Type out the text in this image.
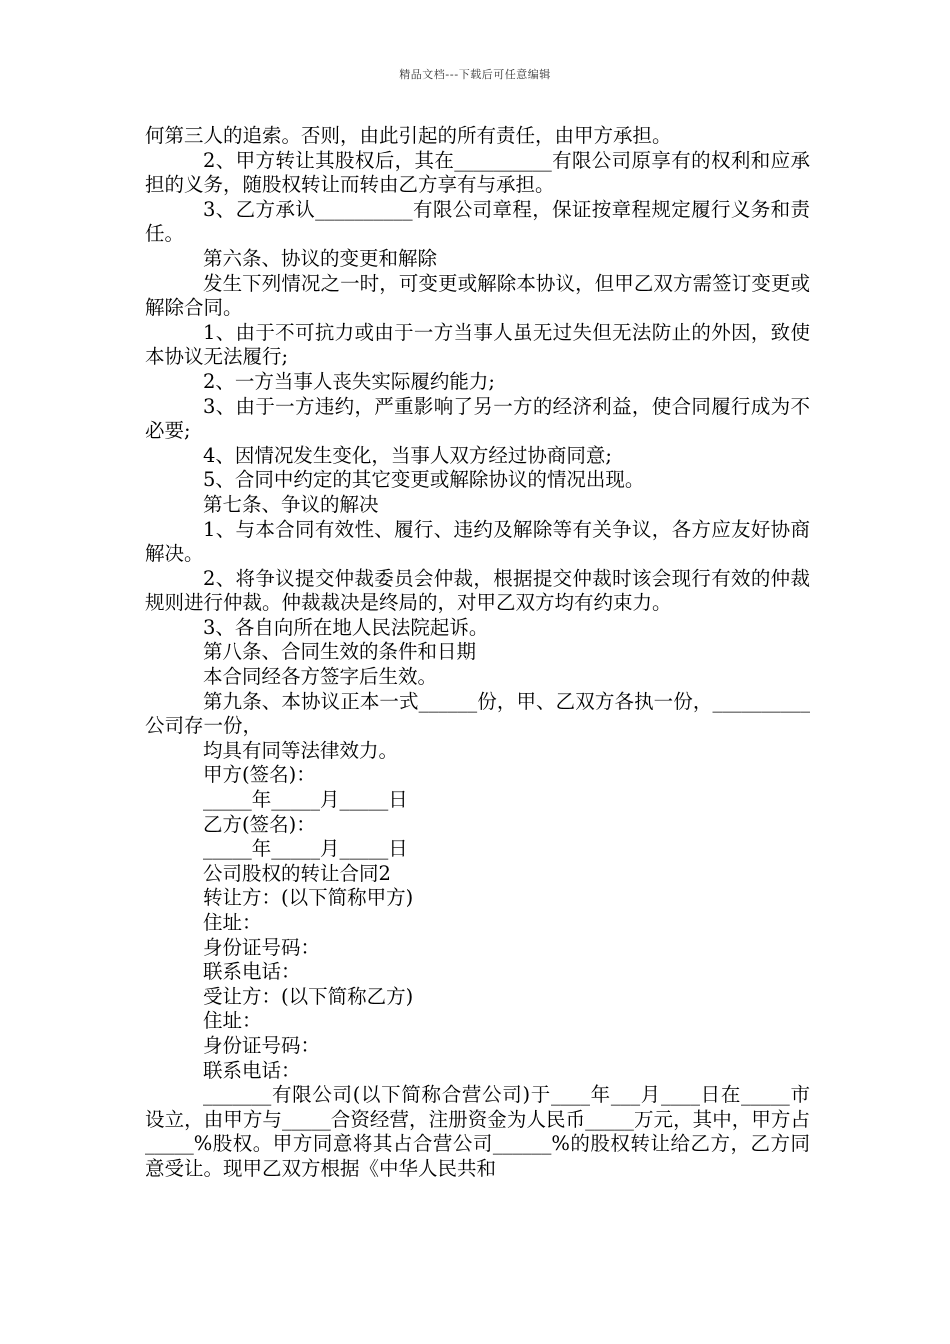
精品文档---下载后可任意编辑

何第三人的追索。否则，由此引起的所有责任，由甲方承担。

2、甲方转让其股权后，其在__________有限公司原享有的权利和应承担的义务，随股权转让而转由乙方享有与承担。

3、乙方承认__________有限公司章程，保证按章程规定履行义务和责任。

第六条、协议的变更和解除

发生下列情况之一时，可变更或解除本协议，但甲乙双方需签订变更或解除合同。

1、由于不可抗力或由于一方当事人虽无过失但无法防止的外因，致使本协议无法履行;

2、一方当事人丧失实际履约能力;

3、由于一方违约，严重影响了另一方的经济利益，使合同履行成为不必要;

4、因情况发生变化，当事人双方经过协商同意;

5、合同中约定的其它变更或解除协议的情况出现。

第七条、争议的解决

1、与本合同有效性、履行、违约及解除等有关争议，各方应友好协商解决。

2、将争议提交仲裁委员会仲裁，根据提交仲裁时该会现行有效的仲裁规则进行仲裁。仲裁裁决是终局的，对甲乙双方均有约束力。

3、各自向所在地人民法院起诉。

第八条、合同生效的条件和日期

本合同经各方签字后生效。

第九条、本协议正本一式______份，甲、乙双方各执一份，__________公司存一份，

均具有同等法律效力。

甲方(签名)：

_____年_____月_____日

乙方(签名)：

_____年_____月_____日

公司股权的转让合同2

转让方：(以下简称甲方)

住址：

身份证号码：

联系电话：

受让方：(以下简称乙方)

住址：

身份证号码：

联系电话：

_______有限公司(以下简称合营公司)于____年___月____日在_____市设立，由甲方与_____合资经营，注册资金为人民币_____万元，其中，甲方占_____%股权。甲方同意将其占合营公司______%的股权转让给乙方，乙方同意受让。现甲乙双方根据《中华人民共和
